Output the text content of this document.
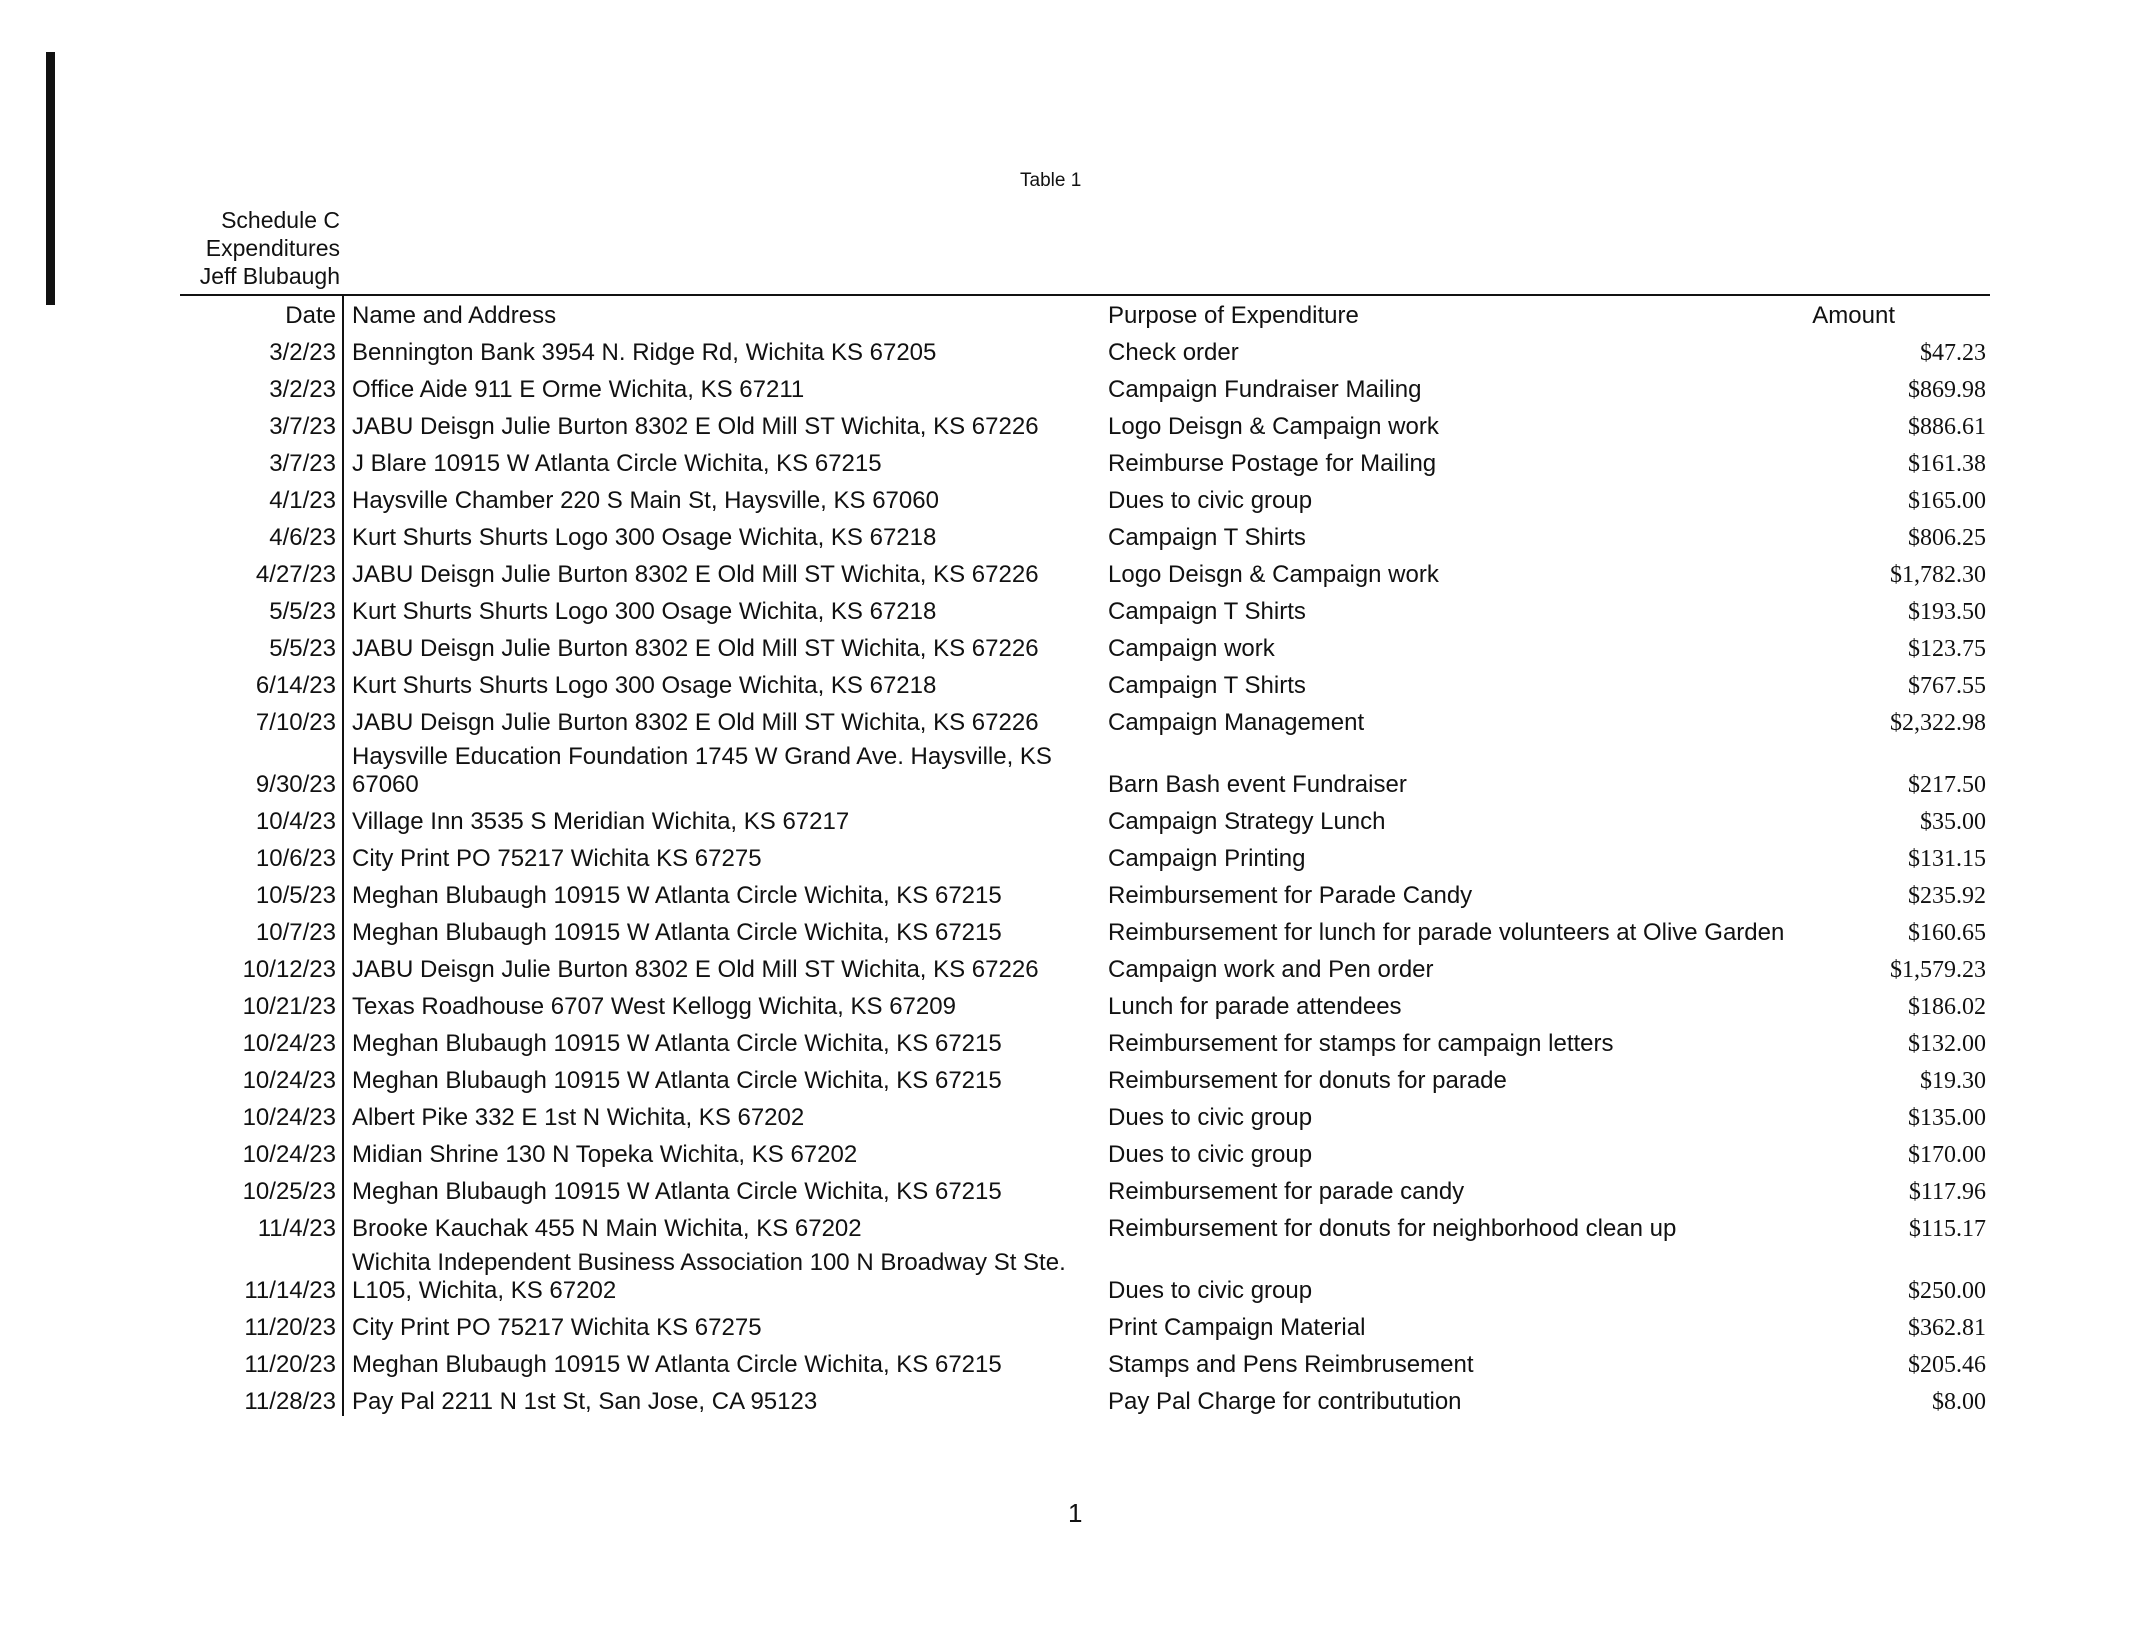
Table 1
Schedule C
Expenditures
Jeff Blubaugh
Date	Name and Address	Purpose of Expenditure	Amount
3/2/23	Bennington Bank 3954 N. Ridge Rd, Wichita KS 67205	Check order	$47.23
3/2/23	Office Aide 911 E Orme Wichita, KS 67211	Campaign Fundraiser Mailing	$869.98
3/7/23	JABU Deisgn Julie Burton 8302 E Old Mill ST Wichita, KS 67226	Logo Deisgn & Campaign work	$886.61
3/7/23	J Blare 10915 W Atlanta Circle Wichita, KS 67215	Reimburse Postage for Mailing	$161.38
4/1/23	Haysville Chamber 220 S Main St, Haysville, KS 67060	Dues to civic group	$165.00
4/6/23	Kurt Shurts Shurts Logo 300 Osage Wichita, KS 67218	Campaign T Shirts	$806.25
4/27/23	JABU Deisgn Julie Burton 8302 E Old Mill ST Wichita, KS 67226	Logo Deisgn & Campaign work	$1,782.30
5/5/23	Kurt Shurts Shurts Logo 300 Osage Wichita, KS 67218	Campaign T Shirts	$193.50
5/5/23	JABU Deisgn Julie Burton 8302 E Old Mill ST Wichita, KS 67226	Campaign work	$123.75
6/14/23	Kurt Shurts Shurts Logo 300 Osage Wichita, KS 67218	Campaign T Shirts	$767.55
7/10/23	JABU Deisgn Julie Burton 8302 E Old Mill ST Wichita, KS 67226	Campaign Management	$2,322.98
9/30/23	Haysville Education Foundation 1745 W Grand Ave. Haysville, KS 67060	Barn Bash event Fundraiser	$217.50
10/4/23	Village Inn 3535 S Meridian Wichita, KS 67217	Campaign Strategy Lunch	$35.00
10/6/23	City Print PO 75217 Wichita KS 67275	Campaign Printing	$131.15
10/5/23	Meghan Blubaugh 10915 W Atlanta Circle Wichita, KS 67215	Reimbursement for Parade Candy	$235.92
10/7/23	Meghan Blubaugh 10915 W Atlanta Circle Wichita, KS 67215	Reimbursement for lunch for parade volunteers at Olive Garden	$160.65
10/12/23	JABU Deisgn Julie Burton 8302 E Old Mill ST Wichita, KS 67226	Campaign work and Pen order	$1,579.23
10/21/23	Texas Roadhouse 6707 West Kellogg Wichita, KS 67209	Lunch for parade attendees	$186.02
10/24/23	Meghan Blubaugh 10915 W Atlanta Circle Wichita, KS 67215	Reimbursement for stamps for campaign letters	$132.00
10/24/23	Meghan Blubaugh 10915 W Atlanta Circle Wichita, KS 67215	Reimbursement for donuts for parade	$19.30
10/24/23	Albert Pike 332 E 1st N Wichita, KS 67202	Dues to civic group	$135.00
10/24/23	Midian Shrine 130 N Topeka Wichita, KS 67202	Dues to civic group	$170.00
10/25/23	Meghan Blubaugh 10915 W Atlanta Circle Wichita, KS 67215	Reimbursement for parade candy	$117.96
11/4/23	Brooke Kauchak 455 N Main Wichita, KS 67202	Reimbursement for donuts for neighborhood clean up	$115.17
11/14/23	Wichita Independent Business Association 100 N Broadway St Ste. L105, Wichita, KS 67202	Dues to civic group	$250.00
11/20/23	City Print PO 75217 Wichita KS 67275	Print Campaign Material	$362.81
11/20/23	Meghan Blubaugh 10915 W Atlanta Circle Wichita, KS 67215	Stamps and Pens Reimbrusement	$205.46
11/28/23	Pay Pal 2211 N 1st St, San Jose, CA 95123	Pay Pal Charge for contributution	$8.00
1
